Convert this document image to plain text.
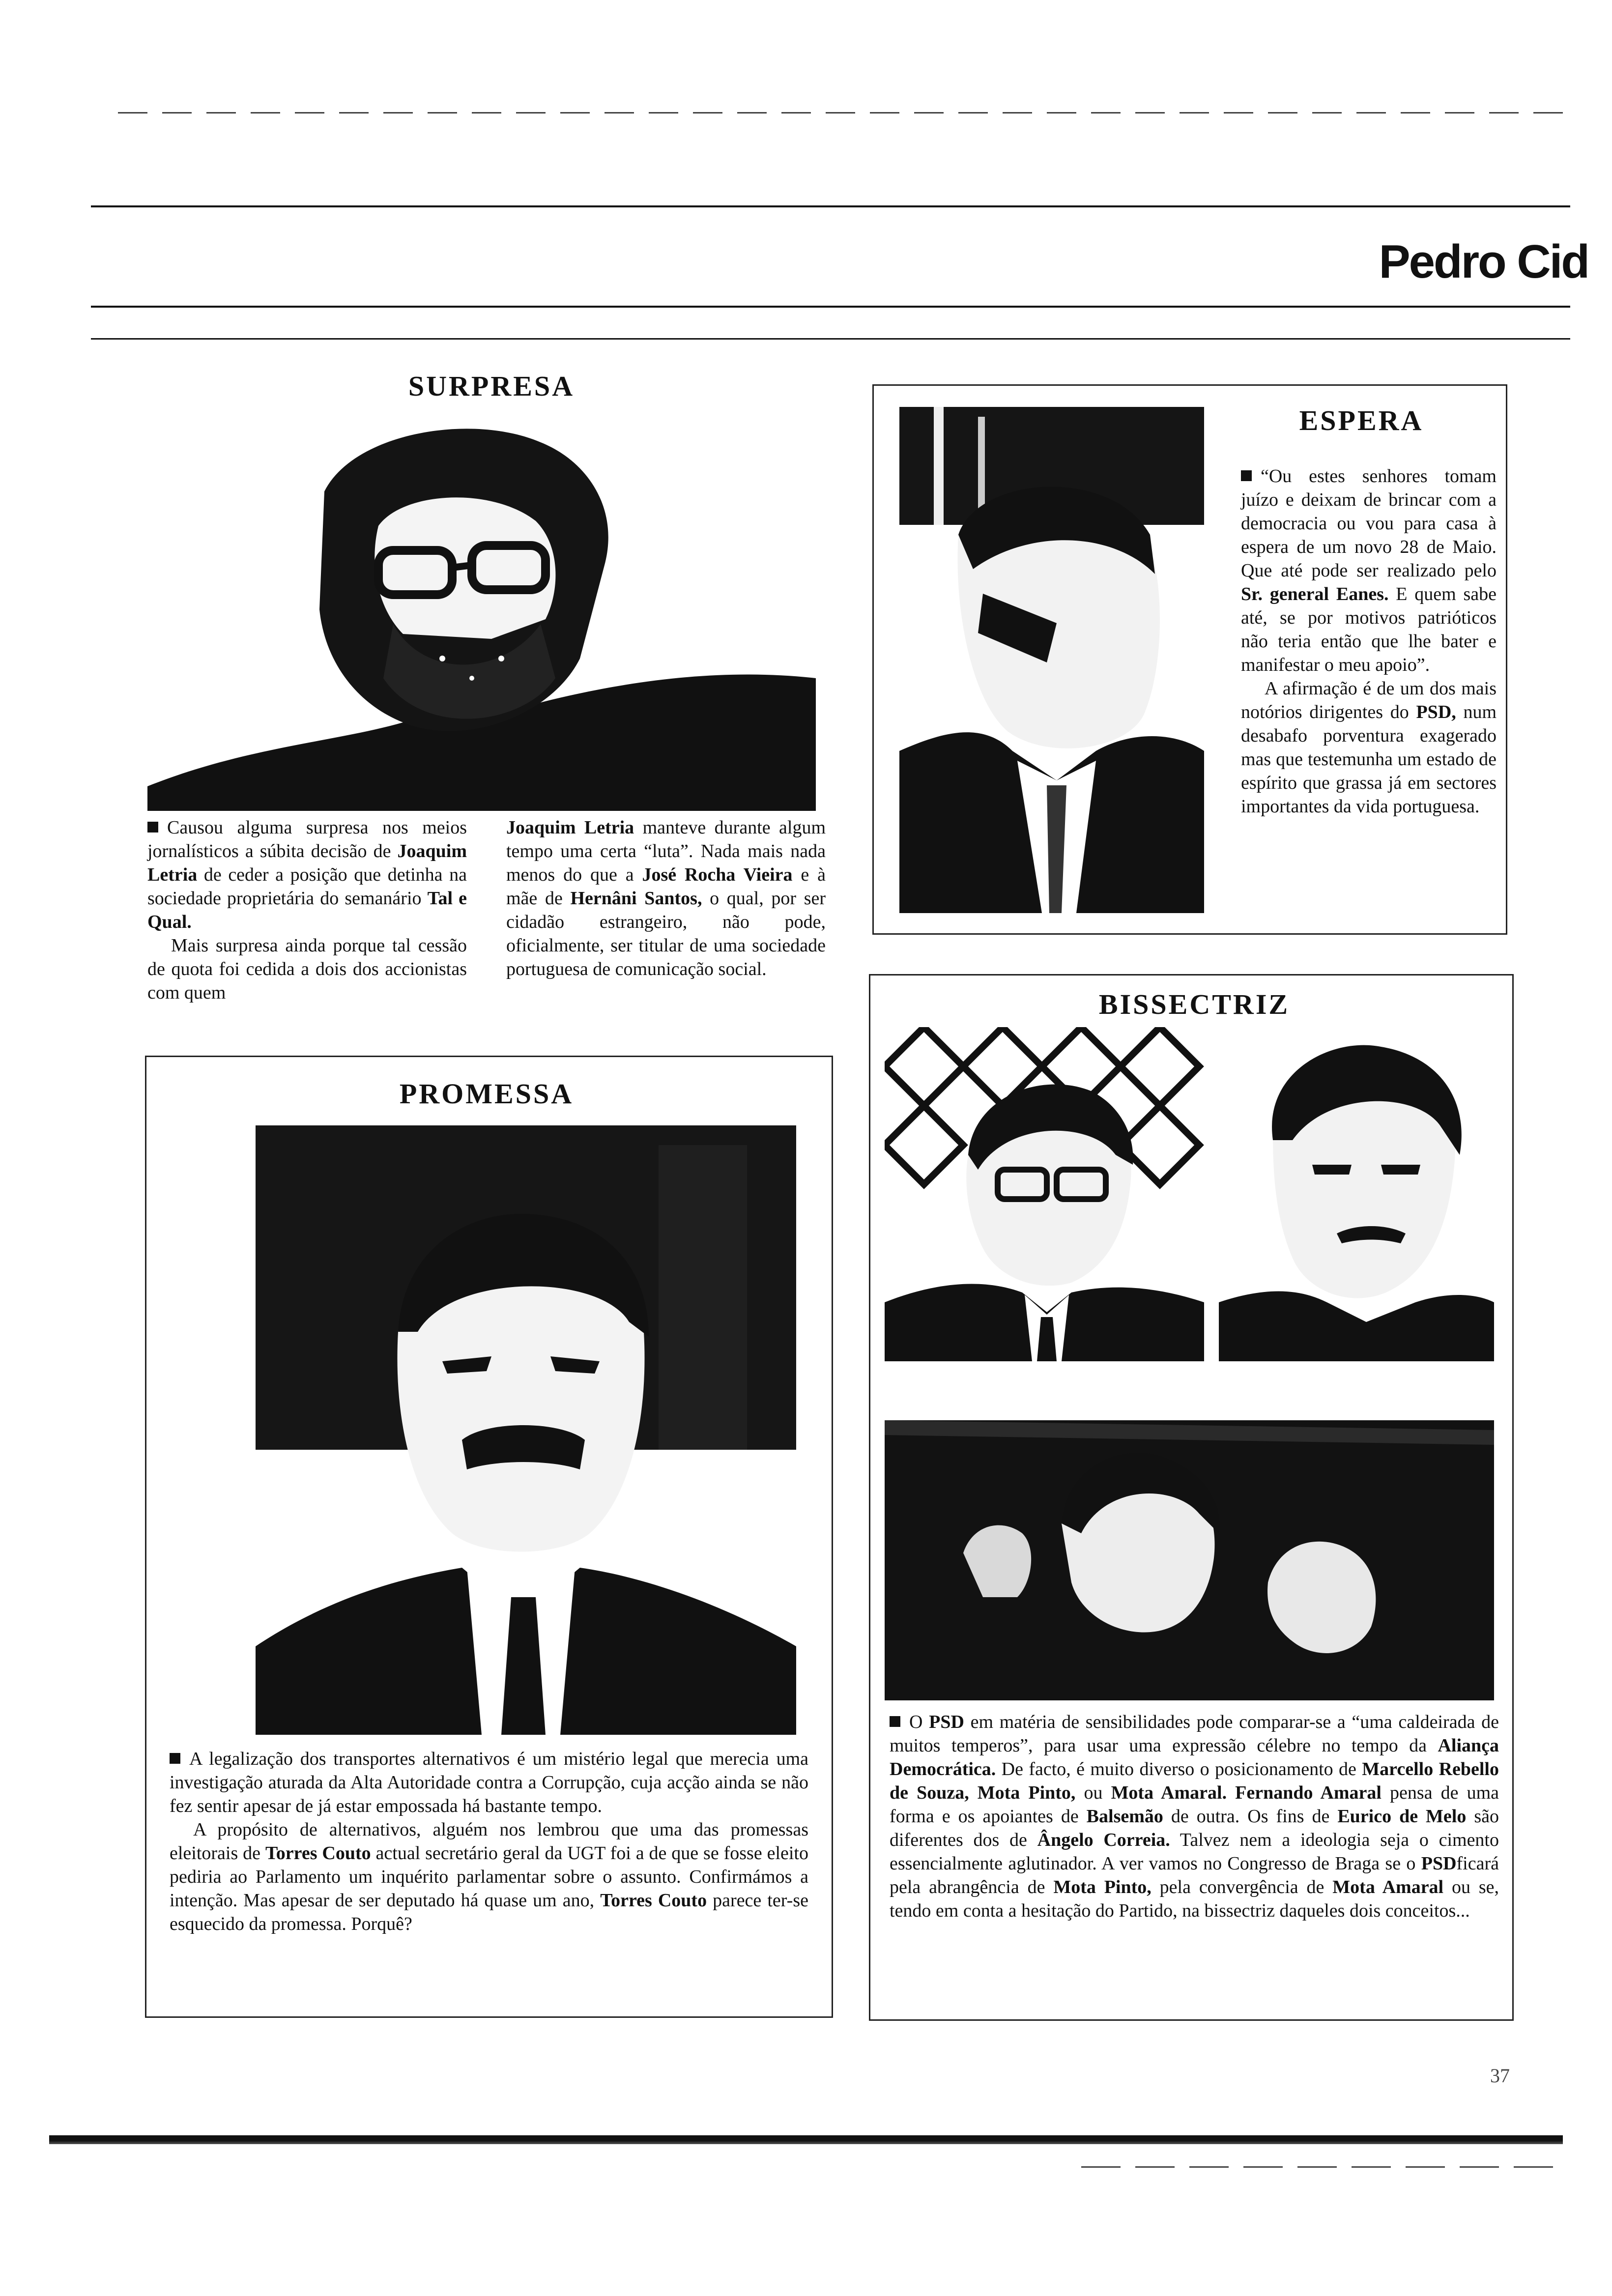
Pedro Cid
SURPRESA

Causou alguma surpresa nos meios jornalísticos a súbita decisão de Joaquim Letria de ceder a posição que detinha na sociedade proprietária do semanário Tal e Qual.

Mais surpresa ainda porque tal cessão de quota foi cedida a dois dos accionistas com quem

Joaquim Letria manteve durante algum tempo uma certa “luta”. Nada mais nada menos do que a José Rocha Vieira e à mãe de Hernâni Santos, o qual, por ser cidadão estrangeiro, não pode, oficialmente, ser titular de uma sociedade portuguesa de comunicação social.

ESPERA

“Ou estes senhores tomam juízo e deixam de brincar com a democracia ou vou para casa à espera de um novo 28 de Maio. Que até pode ser realizado pelo Sr. general Eanes. E quem sabe até, se por motivos patrióticos não teria então que lhe bater e manifestar o meu apoio”.

A afirmação é de um dos mais notórios dirigentes do PSD, num desabafo porventura exagerado mas que testemunha um estado de espírito que grassa já em sectores importantes da vida portuguesa.

PROMESSA

A legalização dos transportes alternativos é um mistério legal que merecia uma investigação aturada da Alta Autoridade contra a Corrupção, cuja acção ainda se não fez sentir apesar de já estar empossada há bastante tempo.

A propósito de alternativos, alguém nos lembrou que uma das promessas eleitorais de Torres Couto actual secretário geral da UGT foi a de que se fosse eleito pediria ao Parlamento um inquérito parlamentar sobre o assunto. Confirmámos a intenção. Mas apesar de ser deputado há quase um ano, Torres Couto parece ter-se esquecido da promessa. Porquê?

BISSECTRIZ

O PSD em matéria de sensibilidades pode comparar-se a “uma caldeirada de muitos temperos”, para usar uma expressão célebre no tempo da Aliança Democrática. De facto, é muito diverso o posicionamento de Marcello Rebello de Souza, Mota Pinto, ou Mota Amaral. Fernando Amaral pensa de uma forma e os apoiantes de Balsemão de outra. Os fins de Eurico de Melo são diferentes dos de Ângelo Correia. Talvez nem a ideologia seja o cimento essencialmente aglutinador. A ver vamos no Congresso de Braga se o PSDficará pela abrangência de Mota Pinto, pela convergência de Mota Amaral ou se, tendo em conta a hesitação do Partido, na bissectriz daqueles dois conceitos...

37
